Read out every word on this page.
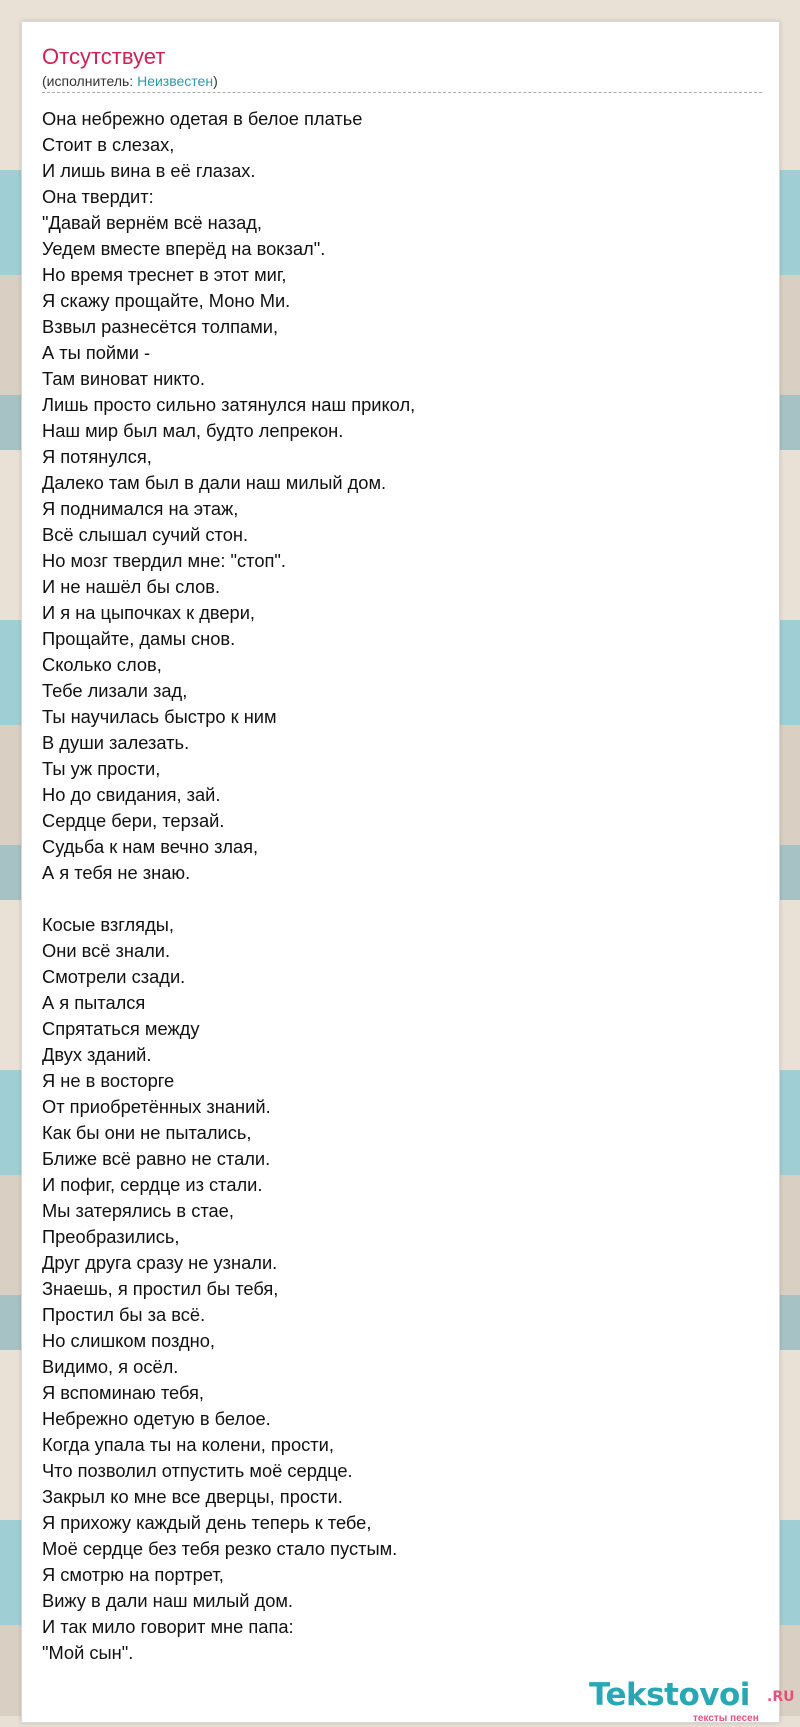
Отсутствует
(исполнитель: Неизвестен)
Она небрежно одетая в белое платье
Стоит в слезах,
И лишь вина в её глазах.
Она твердит:
"Давай вернём всё назад,
Уедем вместе вперёд на вокзал".
Но время треснет в этот миг,
Я скажу прощайте, Моно Ми.
Взвыл разнесётся толпами,
А ты пойми -
Там виноват никто.
Лишь просто сильно затянулся наш прикол,
Наш мир был мал, будто лепрекон.
Я потянулся,
Далеко там был в дали наш милый дом.
Я поднимался на этаж,
Всё слышал сучий стон.
Но мозг твердил мне: "стоп".
И не нашёл бы слов.
И я на цыпочках к двери,
Прощайте, дамы снов.
Сколько слов,
Тебе лизали зад,
Ты научилась быстро к ним
В души залезать.
Ты уж прости,
Но до свидания, зай.
Сердце бери, терзай.
Судьба к нам вечно злая,
А я тебя не знаю.
Косые взгляды,
Они всё знали.
Смотрели сзади.
А я пытался
Спрятаться между
Двух зданий.
Я не в восторге
От приобретённых знаний.
Как бы они не пытались,
Ближе всё равно не стали.
И пофиг, сердце из стали.
Мы затерялись в стае,
Преобразились,
Друг друга сразу не узнали.
Знаешь, я простил бы тебя,
Простил бы за всё.
Но слишком поздно,
Видимо, я осёл.
Я вспоминаю тебя,
Небрежно одетую в белое.
Когда упала ты на колени, прости,
Что позволил отпустить моё сердце.
Закрыл ко мне все дверцы, прости.
Я прихожу каждый день теперь к тебе,
Моё сердце без тебя резко стало пустым.
Я смотрю на портрет,
Вижу в дали наш милый дом.
И так мило говорит мне папа:
"Мой сын".
Tekstovoi .RU
тексты песен
